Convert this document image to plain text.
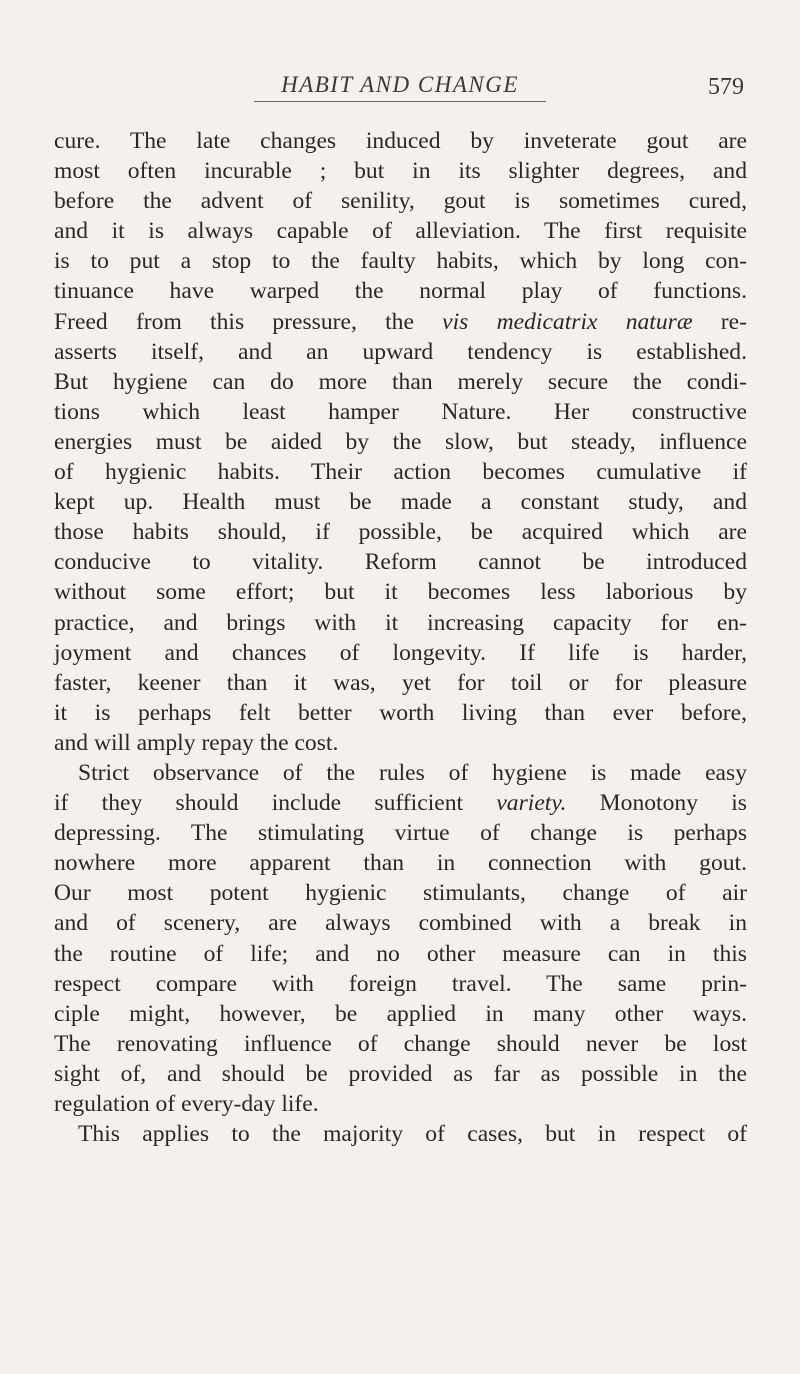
HABIT AND CHANGE	579
cure. The late changes induced by inveterate gout are
most often incurable ; but in its slighter degrees, and
before the advent of senility, gout is sometimes cured,
and it is always capable of alleviation. The first requisite
is to put a stop to the faulty habits, which by long con-
tinuance have warped the normal play of functions.
Freed from this pressure, the vis medicatrix naturæ re-
asserts itself, and an upward tendency is established.
But hygiene can do more than merely secure the condi-
tions which least hamper Nature. Her constructive
energies must be aided by the slow, but steady, influence
of hygienic habits. Their action becomes cumulative if
kept up. Health must be made a constant study, and
those habits should, if possible, be acquired which are
conducive to vitality. Reform cannot be introduced
without some effort; but it becomes less laborious by
practice, and brings with it increasing capacity for en-
joyment and chances of longevity. If life is harder,
faster, keener than it was, yet for toil or for pleasure
it is perhaps felt better worth living than ever before,
and will amply repay the cost.
Strict observance of the rules of hygiene is made easy
if they should include sufficient variety. Monotony is
depressing. The stimulating virtue of change is perhaps
nowhere more apparent than in connection with gout.
Our most potent hygienic stimulants, change of air
and of scenery, are always combined with a break in
the routine of life; and no other measure can in this
respect compare with foreign travel. The same prin-
ciple might, however, be applied in many other ways.
The renovating influence of change should never be lost
sight of, and should be provided as far as possible in the
regulation of every-day life.
This applies to the majority of cases, but in respect of
